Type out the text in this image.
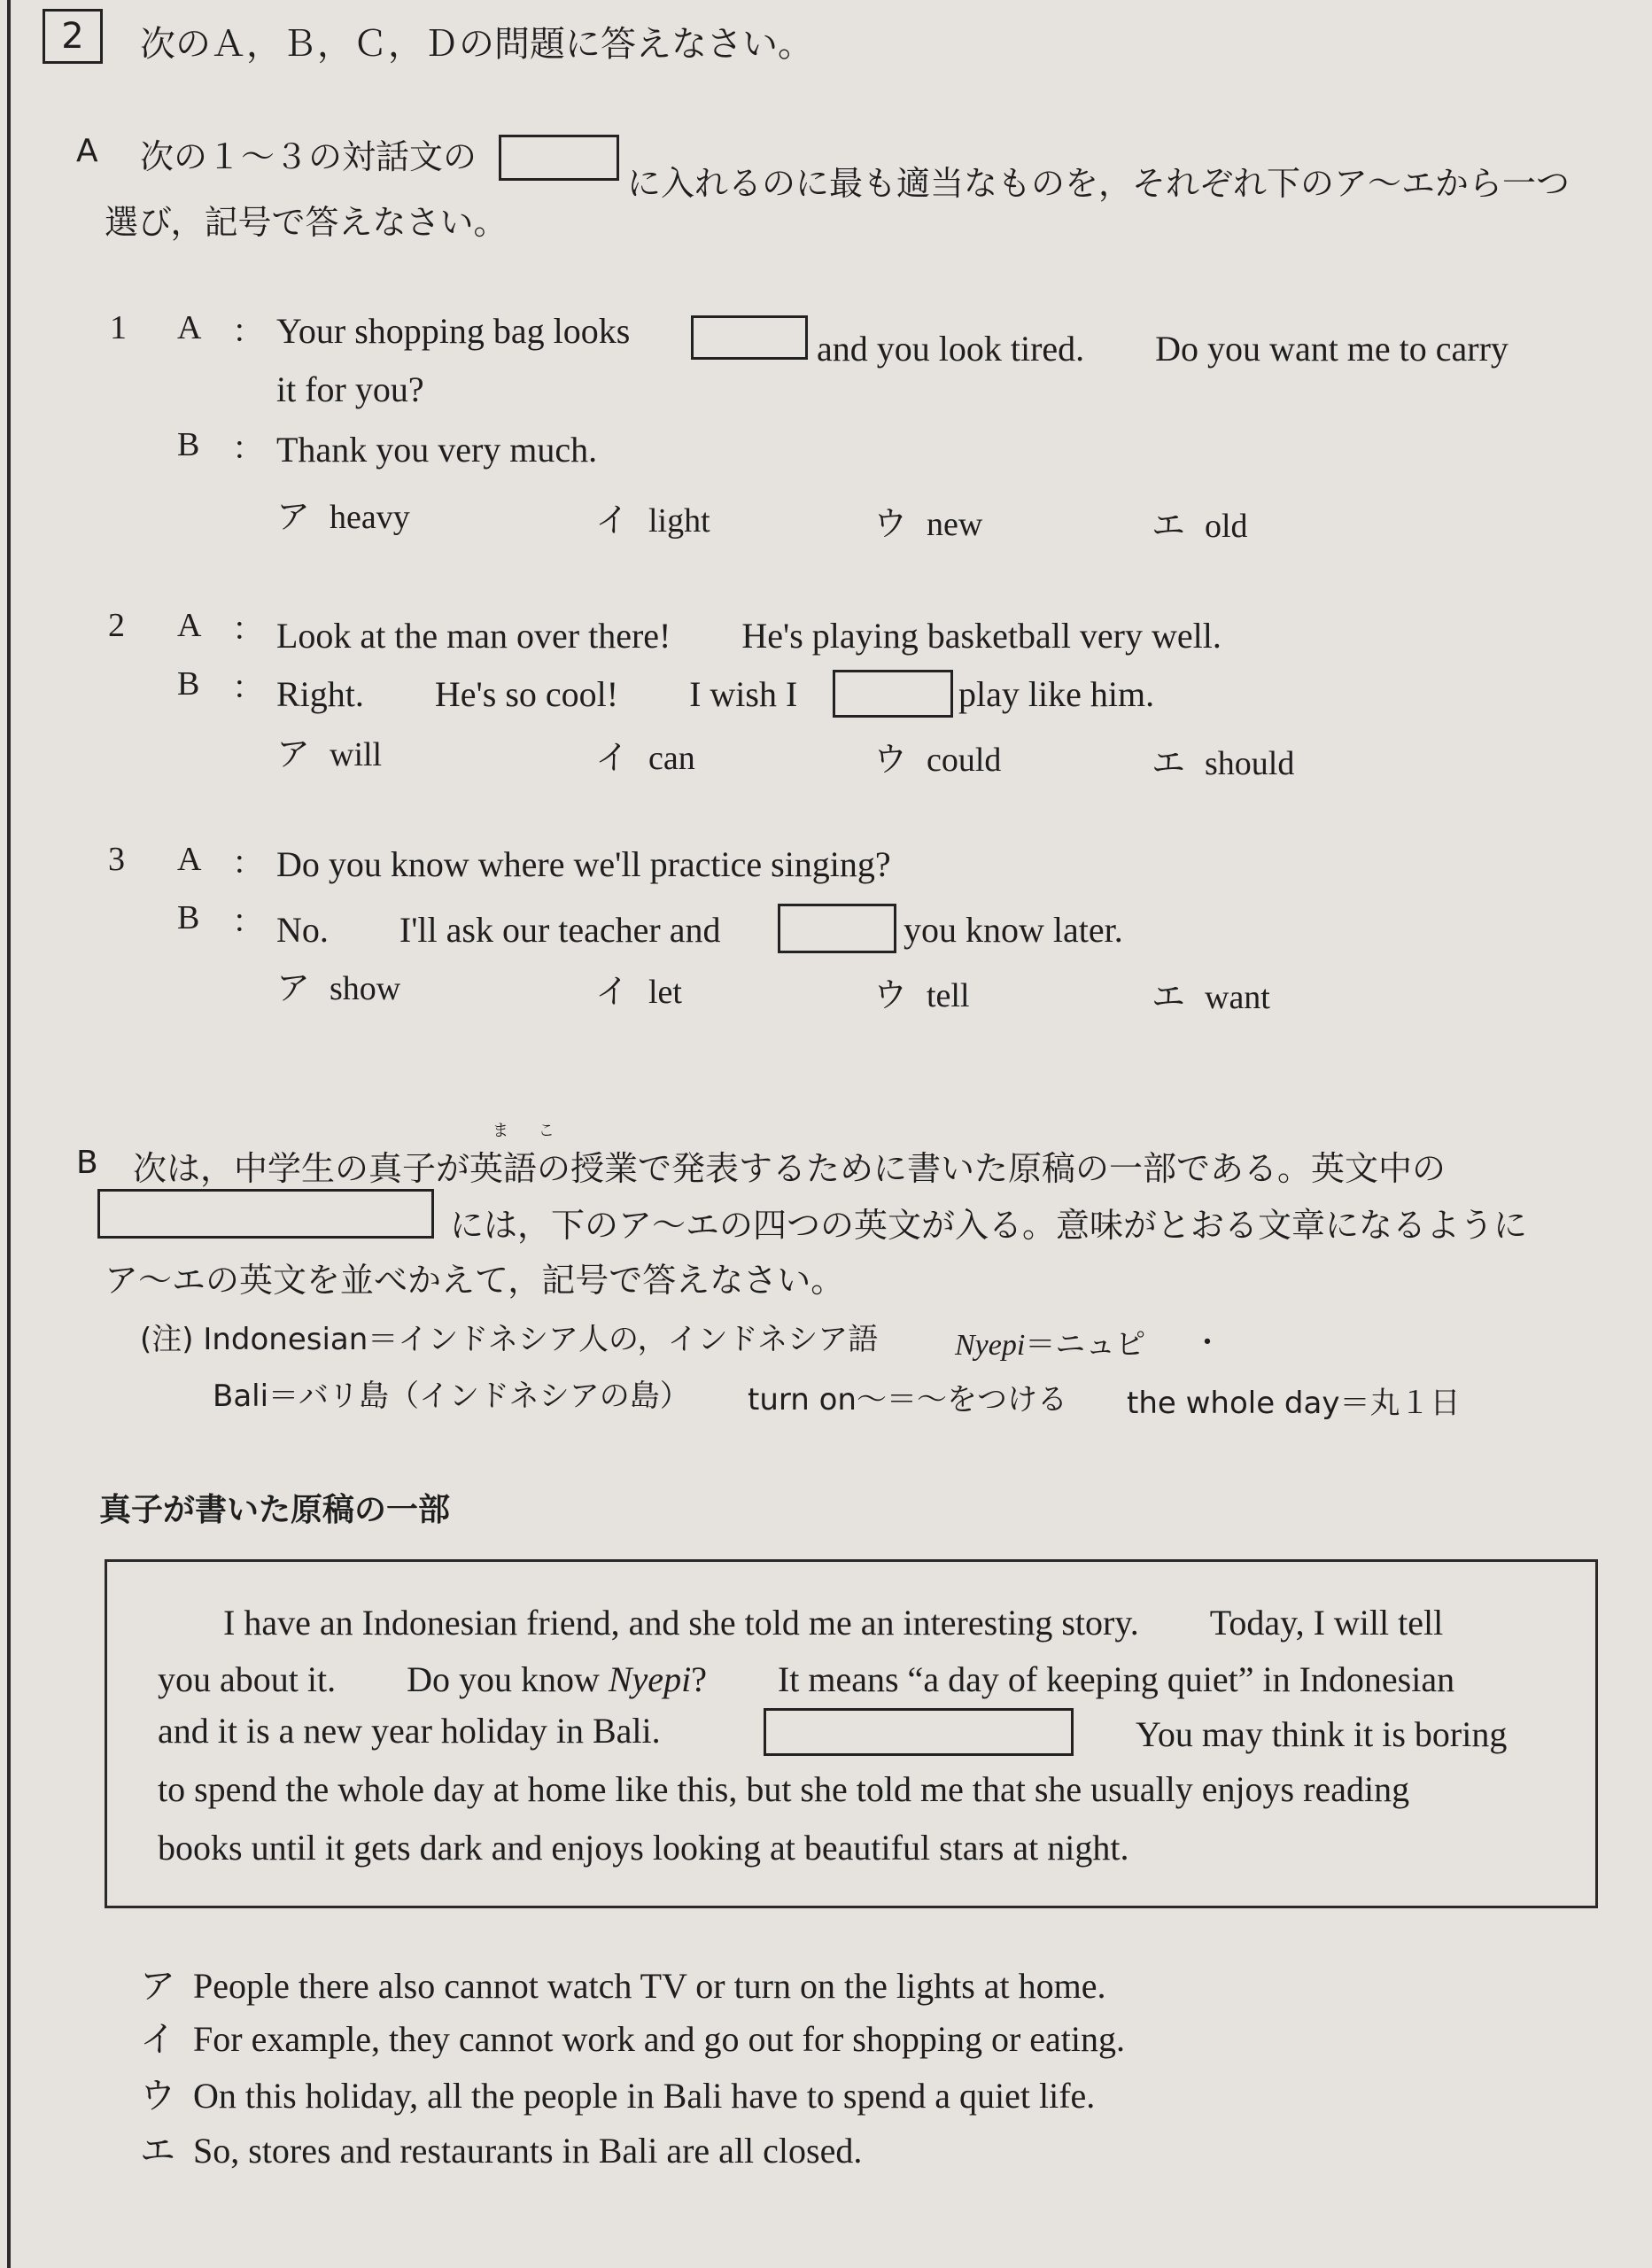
2	次のＡ，Ｂ，Ｃ，Ｄの問題に答えなさい。
A 次の１～３の対話文の
に入れるのに最も適当なものを，それぞれ下のア～エから一つ
選び，記号で答えなさい。
1 A ： Your shopping bag looks	and you look tired.　　Do you want me to carry
it for you?
B ： Thank you very much.
ア heavy	イ light	ウ new	エ old
2 A ： Look at the man over there!　　He's playing basketball very well.
B ： Right.　　He's so cool!　　I wish I	play like him.
ア will	イ can	ウ could	エ should
3 A ： Do you know where we'll practice singing?
B ： No.　　I'll ask our teacher and	you know later.
ア show	イ let	ウ tell	エ want
ま こ
B 次は，中学生の真子が英語の授業で発表するために書いた原稿の一部である。英文中の
には，下のア～エの四つの英文が入る。意味がとおる文章になるように
ア～エの英文を並べかえて，記号で答えなさい。
(注) Indonesian＝インドネシア人の，インドネシア語	Nyepi＝ニュピ ・
Bali＝バリ島（インドネシアの島） turn on～＝～をつける the whole day＝丸１日
真子が書いた原稿の一部
I have an Indonesian friend, and she told me an interesting story.　　Today, I will tell
you about it.　　Do you know Nyepi?　　It means “a day of keeping quiet” in Indonesian
and it is a new year holiday in Bali.	You may think it is boring
to spend the whole day at home like this, but she told me that she usually enjoys reading
books until it gets dark and enjoys looking at beautiful stars at night.
ア People there also cannot watch TV or turn on the lights at home.
イ For example, they cannot work and go out for shopping or eating.
ウ On this holiday, all the people in Bali have to spend a quiet life.
エ So, stores and restaurants in Bali are all closed.
